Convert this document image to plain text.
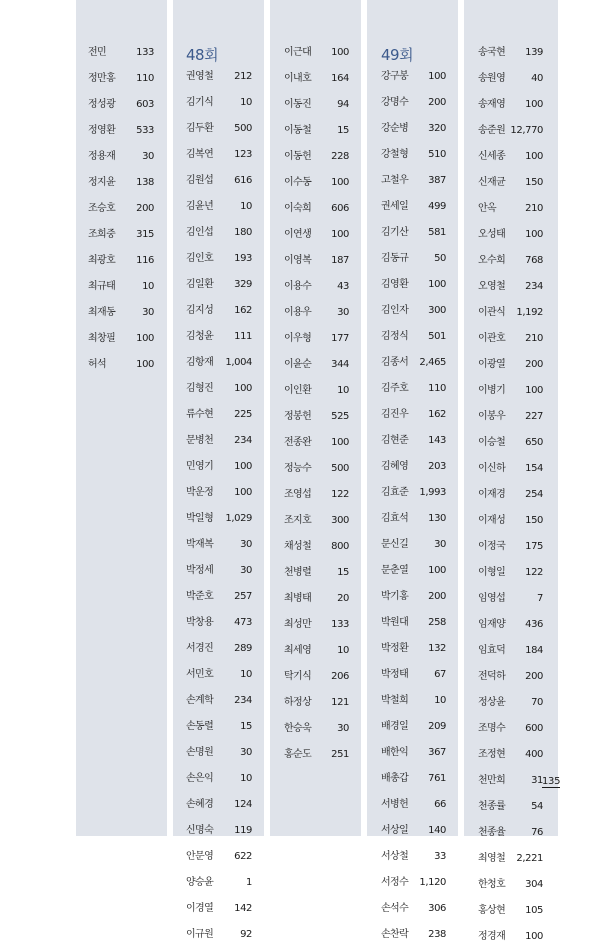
전민	133
정만홍 110
정성광 603
정영환 533
정용재	30
정지윤 138
조승호 200
조희중 315
최광호 116
최규태	10
최재동	30
최창필 100
허석	100
권영철 212
김기식	10
김두환 500
김복연 123
김원섭 616
김윤년	10
김인섭 180
김인호 193
김일환 329
김지성 162
김청윤 111
김항재 1,004
김형진 100
류수현 225
문병천 234
민영기 100
박운정 100
박일형 1,029
박재복	30
박정세	30
박준호 257
박창용 473
서경진 289
서민호	10
손계학 234
손동렬	15
손명원	30
손은익	10
손혜경 124
신명숙 119
안문영 622
양승윤	1
이경열 142
이규원	92
이근대 100
이내호 164
이동진	94
이동철	15
이동헌 228
이수동 100
이숙희 606
이연생 100
이영복 187
이용수	43
이용우	30
이우형 177
이윤순 344
이인환	10
정봉헌 525
전종완 100
정능수 500
조영섭 122
조지호 300
채성철 800
천병렬	15
최병태	20
최성만 133
최세영	10
탁기식 206
하정상 121
한승욱	30
홍순도 251
강구봉 100
강명수 200
강순병 320
강철형 510
고철우 387
권세일 499
김기산 581
김동규	50
김영환 100
김인자 300
김정식 501
김종서 2,465
김주호 110
김진우 162
김현준 143
김혜영 203
김효준 1,993
김효석 130
문신길	30
문춘열 100
박기홍 200
박원대 258
박정환 132
박정태	67
박철희	10
배경일 209
배한익 367
배총갑 761
서병헌	66
서상일 140
서상철	33
서정수 1,120
손석수 306
손찬락 238
송국현 139
송원영	40
송재영 100
송준원 12,770
신세종 100
신재균 150
안옥	210
오성태 100
오수희 768
오영철 234
이관식 1,192
이관호 210
이광열 200
이병기 100
이봉우 227
이승철 650
이신하 154
이재경 254
이재성 150
이정국 175
이형일 122
임영섭	7
임재양 436
임효덕 184
전덕하 200
정상윤	70
조명수 600
조정현 400
천만희	31
천종률	54
천종율	76
최영철 2,221
한청호 304
홍상현 105
정경재 100
48회	49회
135
